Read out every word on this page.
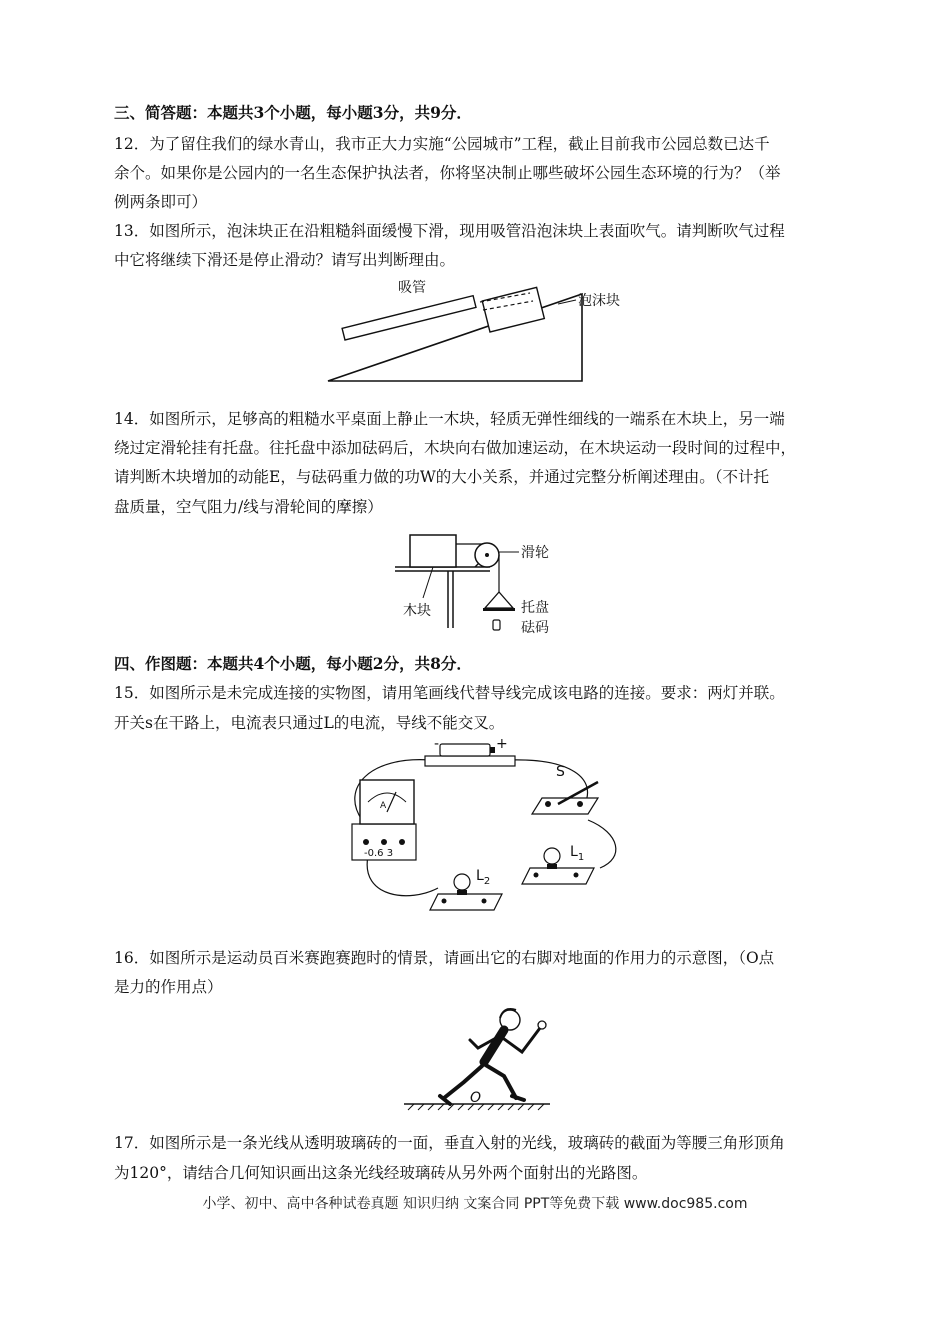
三、简答题：本题共3个小题，每小题3分，共9分．
12．为了留住我们的绿水青山，我市正大力实施“公园城市”工程，截止目前我市公园总数已达千
余个。如果你是公园内的一名生态保护执法者，你将坚决制止哪些破坏公园生态环境的行为？（举
例两条即可）
13．如图所示，泡沫块正在沿粗糙斜面缓慢下滑，现用吸管沿泡沫块上表面吹气。请判断吹气过程
中它将继续下滑还是停止滑动？请写出判断理由。
吸管
泡沫块
14．如图所示，足够高的粗糙水平桌面上静止一木块，轻质无弹性细线的一端系在木块上，另一端
绕过定滑轮挂有托盘。往托盘中添加砝码后，木块向右做加速运动，在木块运动一段时间的过程中，
请判断木块增加的动能E，与砝码重力做的功W的大小关系，并通过完整分析阐述理由。（不计托
盘质量，空气阻力/线与滑轮间的摩擦）
滑轮
木块	托盘
砝码
四、作图题：本题共4个小题，每小题2分，共8分．
15．如图所示是未完成连接的实物图，请用笔画线代替导线完成该电路的连接。要求：两灯并联。
开关s在干路上，电流表只通过L的电流，导线不能交叉。
-	+
S
A
-0.6 3	$L_1$
$L_2$
16．如图所示是运动员百米赛跑赛跑时的情景，请画出它的右脚对地面的作用力的示意图，（O点
是力的作用点）
O
17．如图所示是一条光线从透明玻璃砖的一面，垂直入射的光线，玻璃砖的截面为等腰三角形顶角
为120°，请结合几何知识画出这条光线经玻璃砖从另外两个面射出的光路图。
小学、初中、高中各种试卷真题 知识归纳 文案合同 PPT等免费下载 www.doc985.com
